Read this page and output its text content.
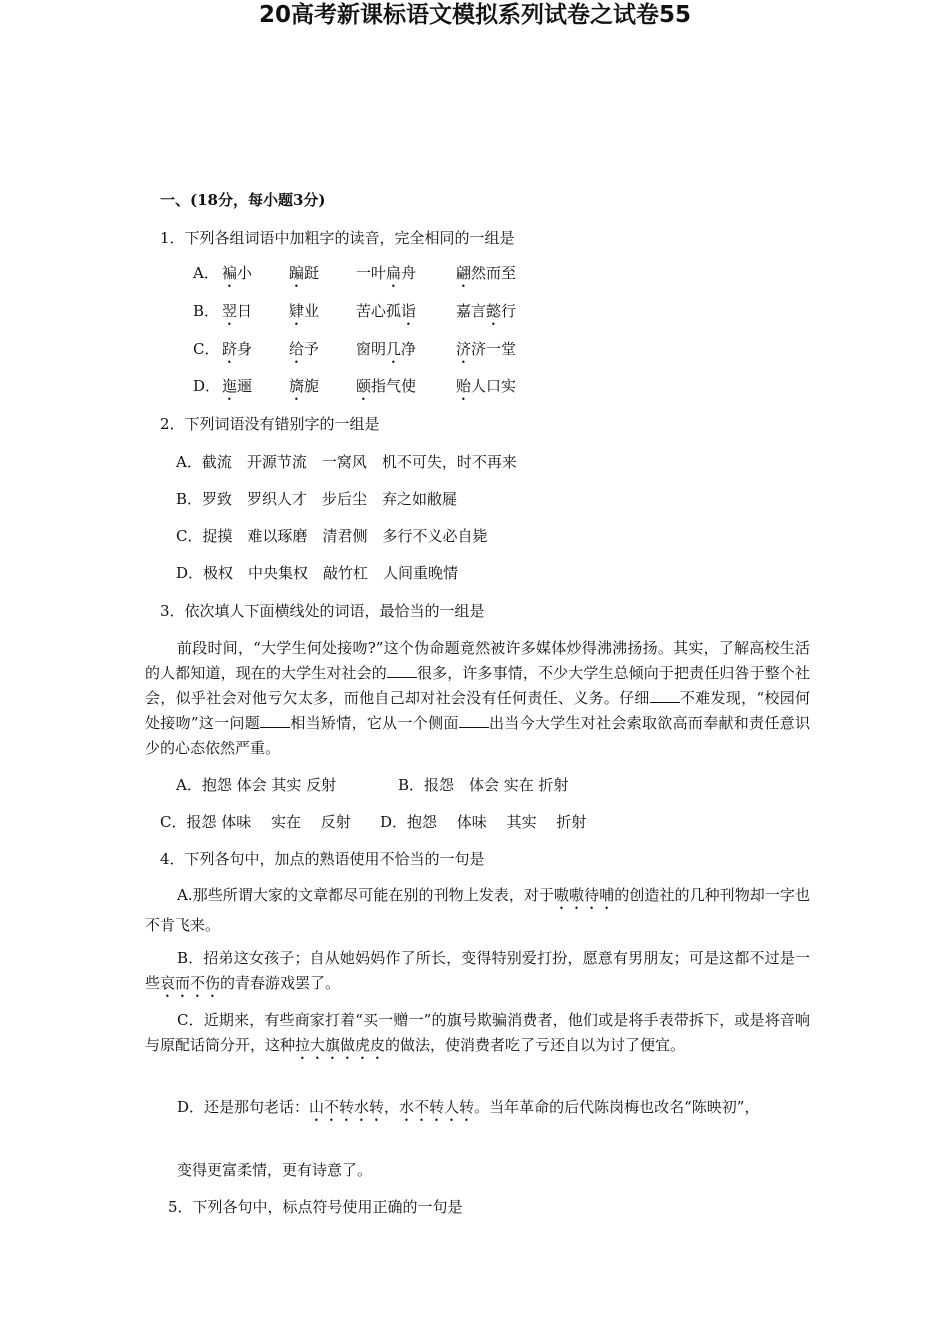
20高考新课标语文模拟系列试卷之试卷55
一、(18分，每小题3分)
1．下列各组词语中加粗字的读音，完全相同的一组是
A． 褊小 蹁跹 一叶扁舟	翩然而至
B． 翌日 肄业 苦心孤诣	嘉言懿行
C． 跻身 给予 窗明几净	济济一堂
D． 迤逦 旖旎 颐指气使	贻人口实
2．下列词语没有错别字的一组是
A．截流　开源节流　一窝风　机不可失，时不再来
B．罗致　罗织人才　步后尘　弃之如敝屣
C．捉摸　难以琢磨　清君侧　多行不义必自毙
D．极权　中央集权　敲竹杠　人间重晚情
3．依次填人下面横线处的词语，最恰当的一组是
前段时间，“大学生何处接吻?”这个伪命题竟然被许多媒体炒得沸沸扬扬。其实，了解高校生活的人都知道，现在的大学生对社会的 很多，许多事情，不少大学生总倾向于把责任归咎于整个社会，似乎社会对他亏欠太多，而他自己却对社会没有任何责任、义务。仔细 不难发现，“校园何处接吻”这一问题 相当矫情，它从一个侧面 出当今大学生对社会索取欲高而奉献和责任意识少的心态依然严重。
A．抱怨 体会 其实 反射	B．报怨　体会 实在 折射
C．报怨 体味　 实在　 反射 D．抱怨　 体味　 其实　 折射
4．下列各句中，加点的熟语使用不恰当的一句是
A.那些所谓大家的文章都尽可能在别的刊物上发表，对于嗷嗷待哺的创造社的几种刊物却一字也不肯飞来。
B．招弟这女孩子；自从她妈妈作了所长，变得特别爱打扮，愿意有男朋友；可是这都不过是一些哀而不伤的青春游戏罢了。
C．近期来，有些商家打着“买一赠一”的旗号欺骗消费者，他们或是将手表带拆下，或是将音响与原配话筒分开，这种拉大旗做虎皮的做法，使消费者吃了亏还自以为讨了便宜。
D．还是那句老话：山不转水转，水不转人转。当年革命的后代陈岗梅也改名“陈映初”，
变得更富柔情，更有诗意了。
5．下列各句中，标点符号使用正确的一句是
